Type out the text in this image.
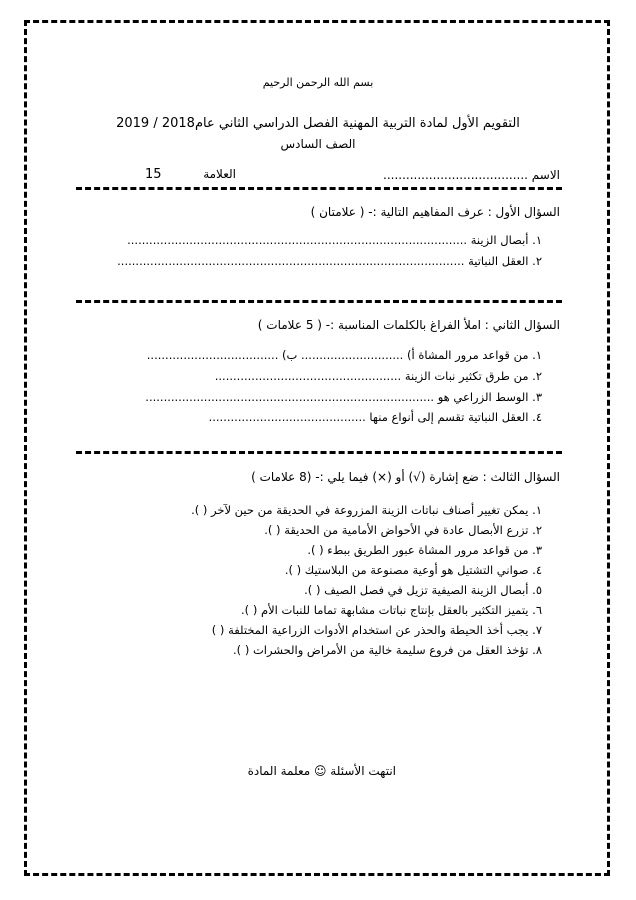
بسم الله الرحمن الرحيم
التقويم الأول لمادة التربية المهنية الفصل الدراسي الثاني عام2018 / 2019
الصف السادس
الاسم ......................................
العلامة  15
السؤال الأول : عرف المفاهيم التالية :- ( علامتان )
١. أبصال الزينة .............................................................................................
٢. العقل النباتية ...............................................................................................
السؤال الثاني : املأ الفراغ بالكلمات المناسبة :- ( 5 علامات )
١. من قواعد مرور المشاة أ) ............................ ب) ....................................
٢. من طرق تكثير نبات الزينة ...................................................
٣. الوسط الزراعي هو ...............................................................................
٤. العقل النباتية تقسم إلى أنواع منها ...........................................
السؤال الثالث : ضع إشارة (√) أو (×) فيما يلي :- (8 علامات )
١. يمكن تغيير أصناف نباتات الزينة المزروعة في الحديقة من حين لآخر ( ).
٢. تزرع الأبصال عادة في الأحواض الأمامية من الحديقة ( ).
٣. من قواعد مرور المشاة عبور الطريق ببطء ( ).
٤. صواني التشتيل هو أوعية مصنوعة من البلاستيك ( ).
٥. أبصال الزينة الصيفية تزيل في فصل الصيف ( ).
٦. يتميز التكثير بالعقل بإنتاج نباتات مشابهة تماما للنبات الأم ( ).
٧. يجب أخذ الحيطة والحذر عن استخدام الأدوات الزراعية المختلفة ( )
٨. تؤخذ العقل من فروع سليمة خالية من الأمراض والحشرات ( ).
انتهت الأسئلة ☺ معلمة المادة
